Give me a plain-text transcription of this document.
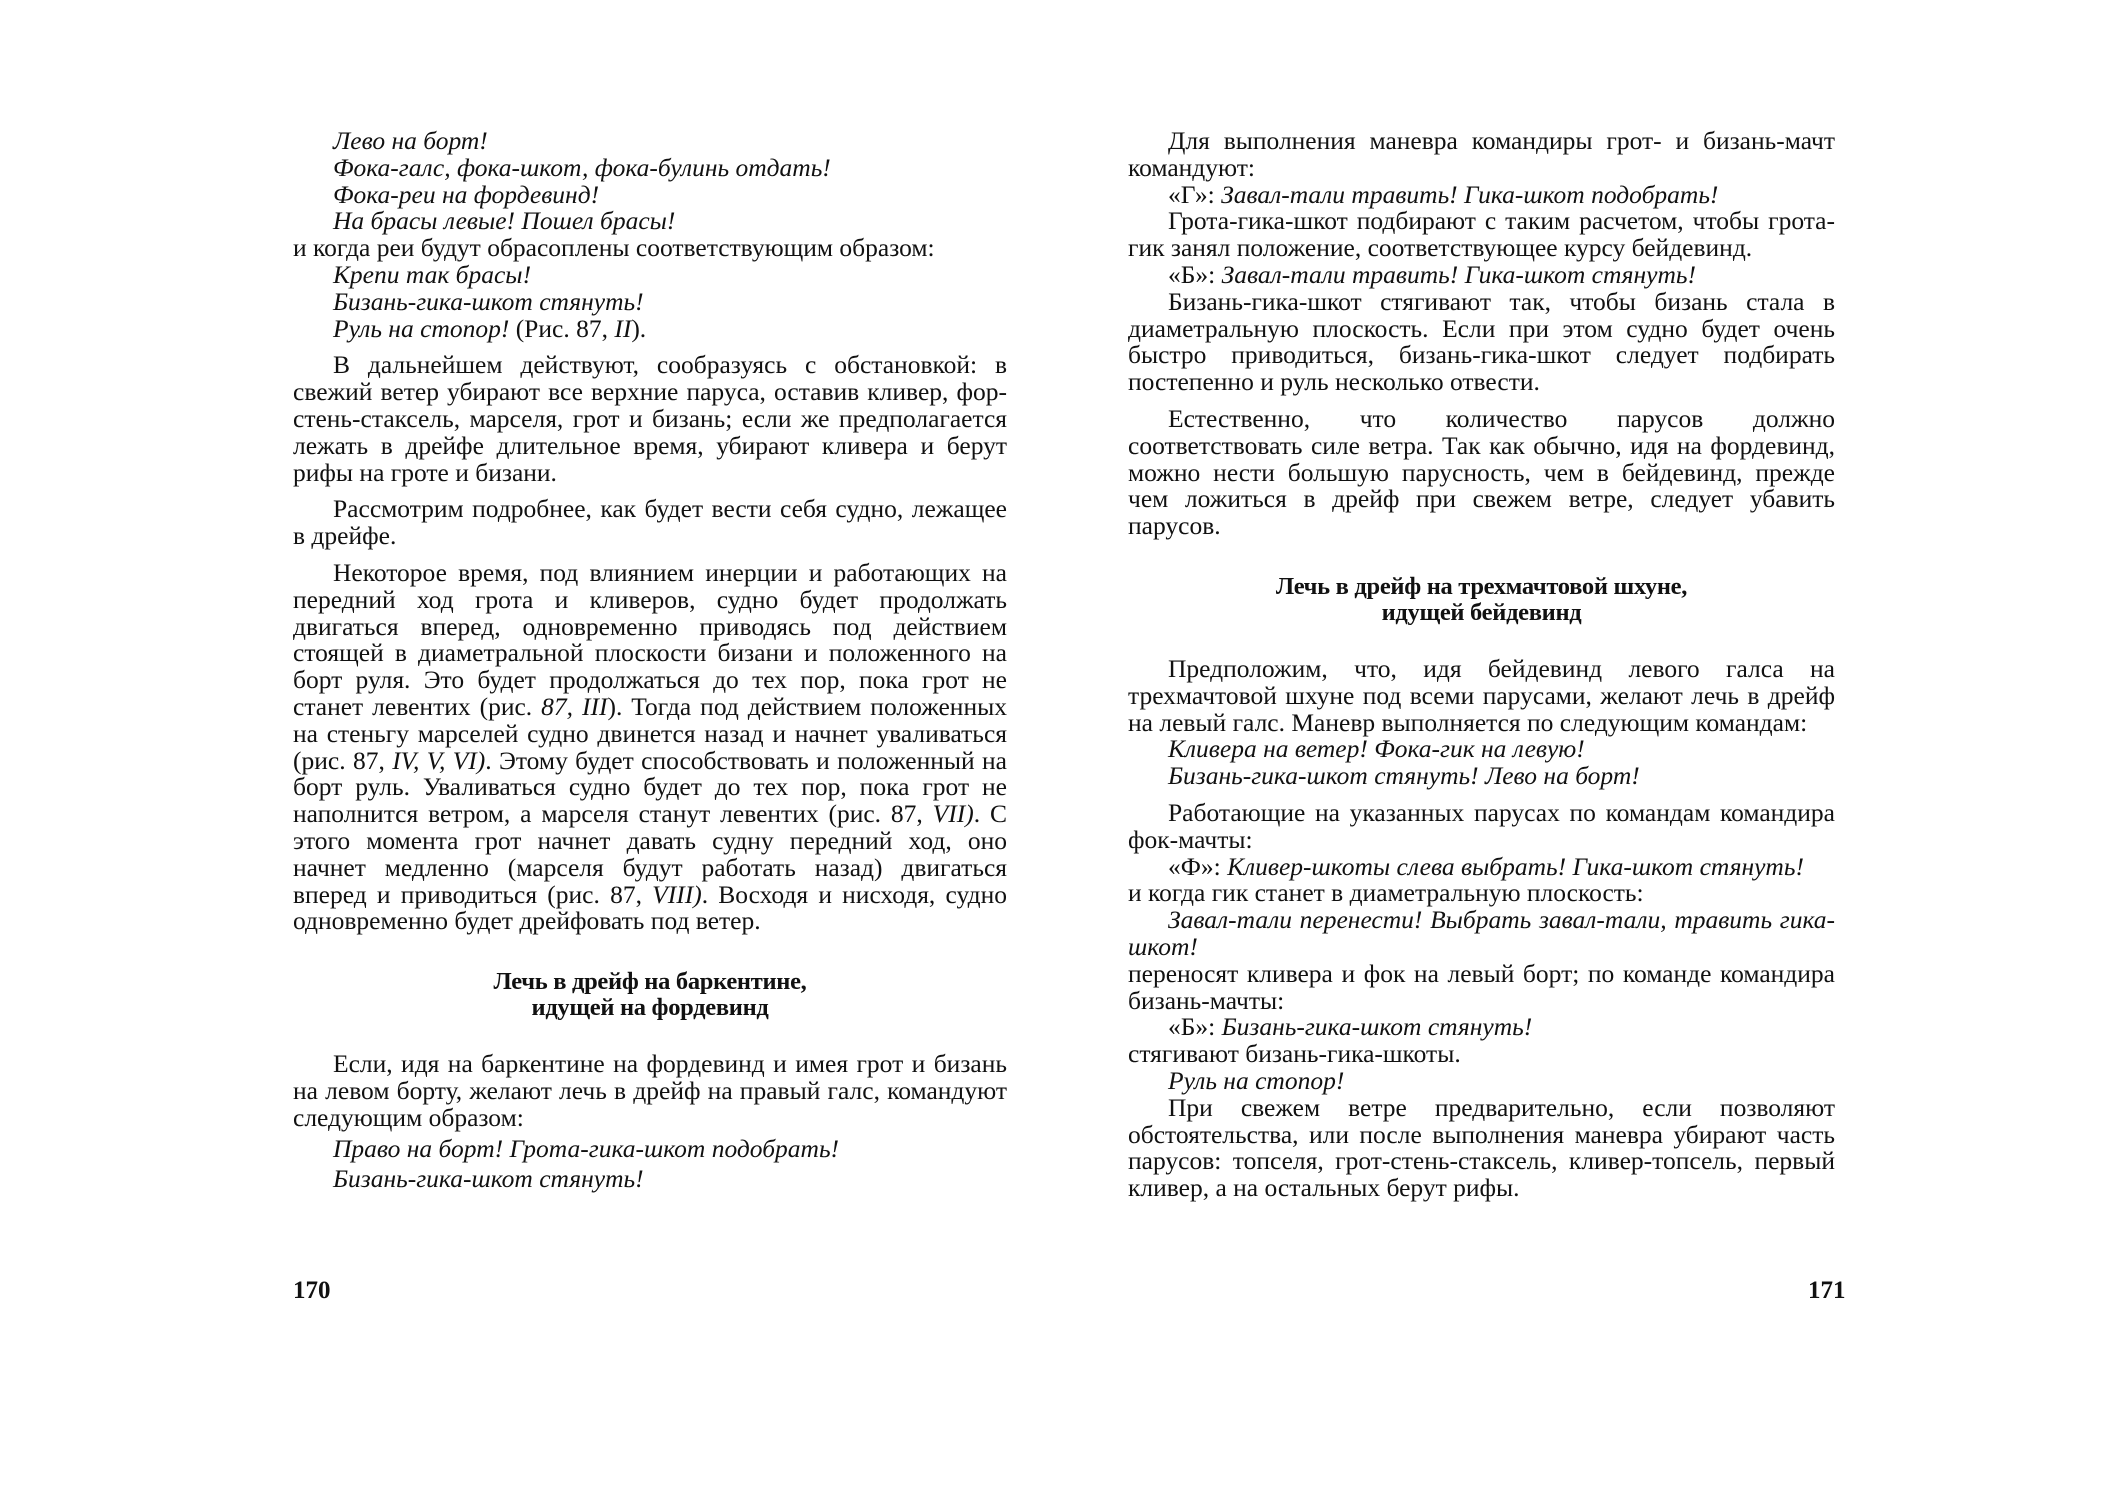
Лево на борт!

Фока-галс, фока-шкот, фока-булинь отдать!

Фока-реи на фордевинд!

На брасы левые! Пошел брасы!

и когда реи будут обрасоплены соответствующим образом:

Крепи так брасы!

Бизань-гика-шкот стянуть!

Руль на стопор! (Рис. 87, II).

В дальнейшем действуют, сообразуясь с обстановкой: в свежий ветер убирают все верхние паруса, оставив кливер, фор-стень-стаксель, марселя, грот и бизань; если же предполагается лежать в дрейфе длительное время, убирают кливера и берут рифы на гроте и бизани.

Рассмотрим подробнее, как будет вести себя судно, лежащее в дрейфе.

Некоторое время, под влиянием инерции и работающих на передний ход грота и кливеров, судно будет продолжать двигаться вперед, одновременно приводясь под действием стоящей в диаметральной плоскости бизани и положенного на борт руля. Это будет продолжаться до тех пор, пока грот не станет левентих (рис. 87, III). Тогда под действием положенных на стеньгу марселей судно двинется назад и начнет уваливаться (рис. 87, IV, V, VI). Этому будет способствовать и положенный на борт руль. Уваливаться судно будет до тех пор, пока грот не наполнится ветром, а марселя станут левентих (рис. 87, VII). С этого момента грот начнет давать судну передний ход, оно начнет медленно (марселя будут работать назад) двигаться вперед и приводиться (рис. 87, VIII). Восходя и нисходя, судно одновременно будет дрейфовать под ветер.

Лечь в дрейф на баркентине,
идущей на фордевинд

Если, идя на баркентине на фордевинд и имея грот и бизань на левом борту, желают лечь в дрейф на правый галс, командуют следующим образом:

Право на борт! Грота-гика-шкот подобрать!

Бизань-гика-шкот стянуть!

170

Для выполнения маневра командиры грот- и бизань-мачт командуют:

«Г»: Завал-тали травить! Гика-шкот подобрать!

Грота-гика-шкот подбирают с таким расчетом, чтобы грота-гик занял положение, соответствующее курсу бейдевинд.

«Б»: Завал-тали травить! Гика-шкот стянуть!

Бизань-гика-шкот стягивают так, чтобы бизань стала в диаметральную плоскость. Если при этом судно будет очень быстро приводиться, бизань-гика-шкот следует подбирать постепенно и руль несколько отвести.

Естественно, что количество парусов должно соответствовать силе ветра. Так как обычно, идя на фордевинд, можно нести большую парусность, чем в бейдевинд, прежде чем ложиться в дрейф при свежем ветре, следует убавить парусов.

Лечь в дрейф на трехмачтовой шхуне,
идущей бейдевинд

Предположим, что, идя бейдевинд левого галса на трехмачтовой шхуне под всеми парусами, желают лечь в дрейф на левый галс. Маневр выполняется по следующим командам:

Кливера на ветер! Фока-гик на левую!

Бизань-гика-шкот стянуть! Лево на борт!

Работающие на указанных парусах по командам командира фок-мачты:

«Ф»: Кливер-шкоты слева выбрать! Гика-шкот стянуть!

и когда гик станет в диаметральную плоскость:

Завал-тали перенести! Выбрать завал-тали, травить гика-шкот!

переносят кливера и фок на левый борт; по команде командира бизань-мачты:

«Б»: Бизань-гика-шкот стянуть!

стягивают бизань-гика-шкоты.

Руль на стопор!

При свежем ветре предварительно, если позволяют обстоятельства, или после выполнения маневра убирают часть парусов: топселя, грот-стень-стаксель, кливер-топсель, первый кливер, а на остальных берут рифы.

171
